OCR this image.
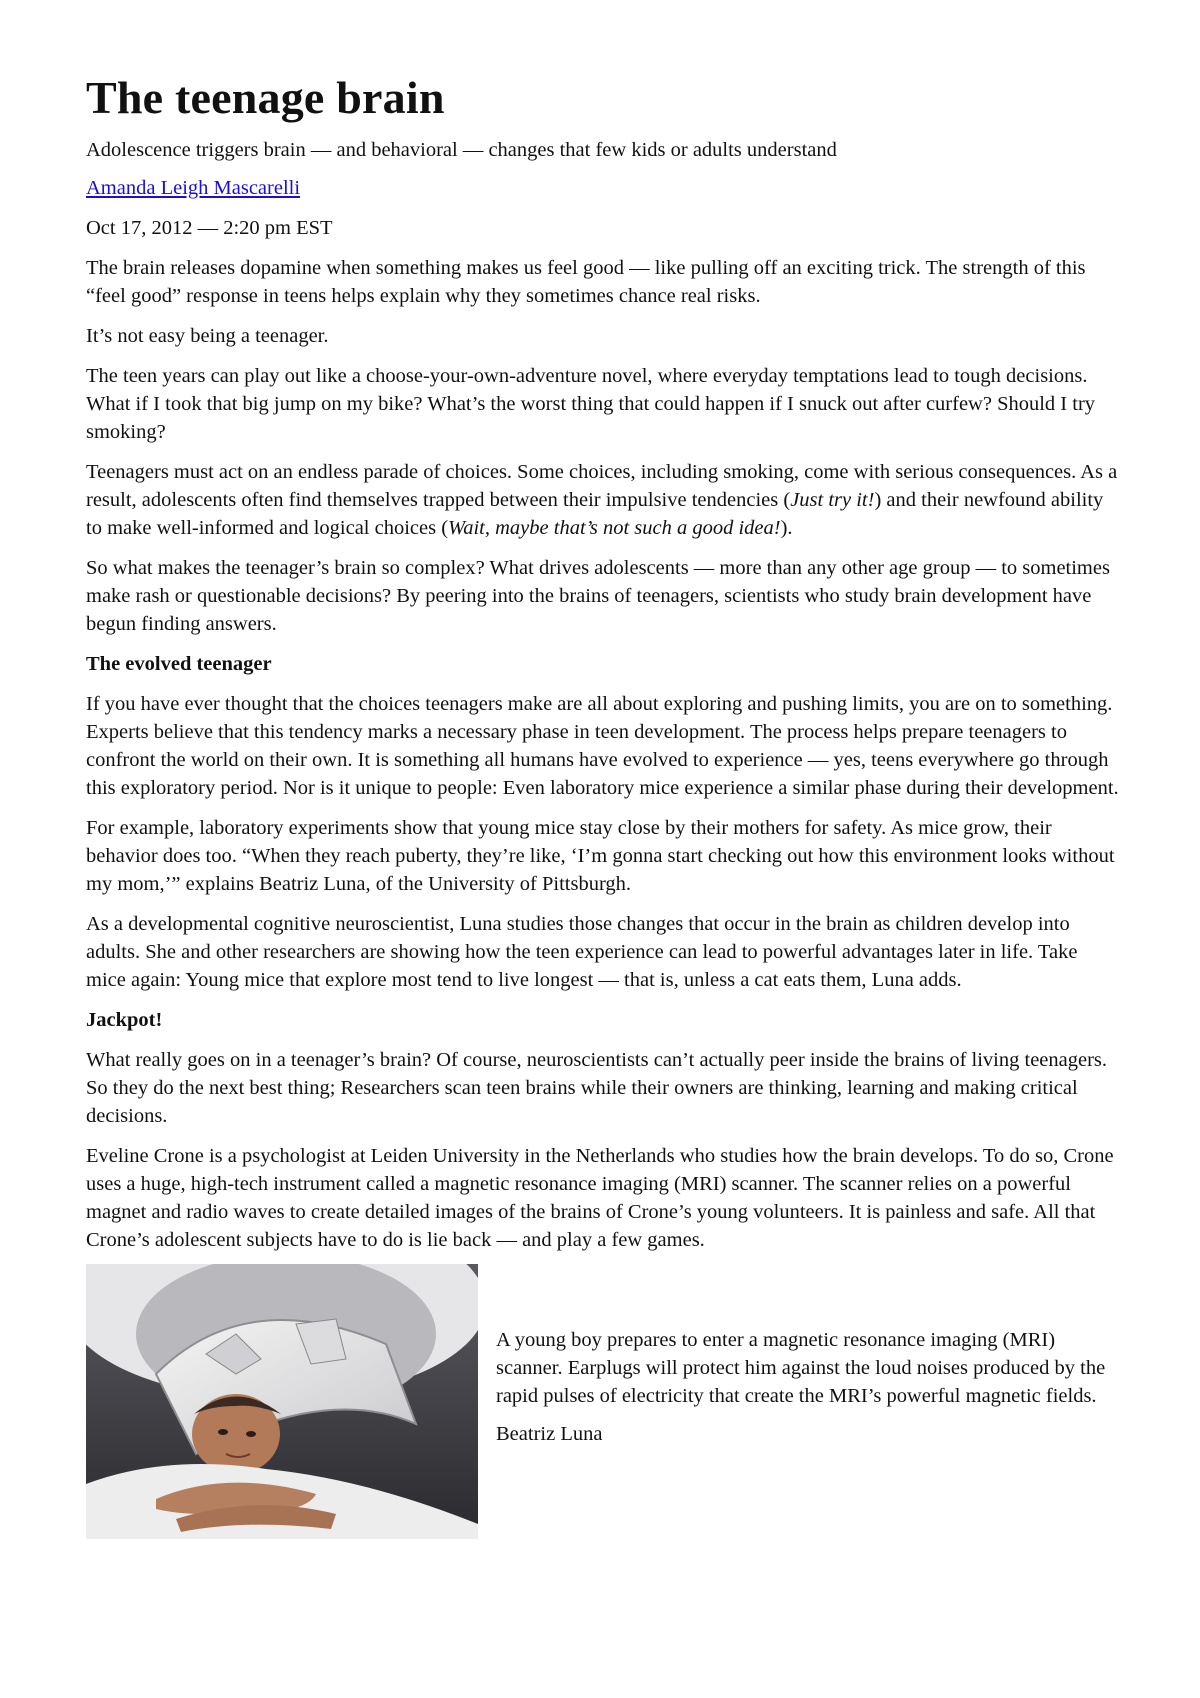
The teenage brain

Adolescence triggers brain — and behavioral — changes that few kids or adults understand

Amanda Leigh Mascarelli

Oct 17, 2012 — 2:20 pm EST

The brain releases dopamine when something makes us feel good — like pulling off an exciting trick. The strength of this “feel good” response in teens helps explain why they sometimes chance real risks.

It’s not easy being a teenager.

The teen years can play out like a choose-your-own-adventure novel, where everyday temptations lead to tough decisions. What if I took that big jump on my bike? What’s the worst thing that could happen if I snuck out after curfew? Should I try smoking?

Teenagers must act on an endless parade of choices. Some choices, including smoking, come with serious consequences. As a result, adolescents often find themselves trapped between their impulsive tendencies (Just try it!) and their newfound ability to make well-informed and logical choices (Wait, maybe that’s not such a good idea!).

So what makes the teenager’s brain so complex? What drives adolescents — more than any other age group — to sometimes make rash or questionable decisions? By peering into the brains of teenagers, scientists who study brain development have begun finding answers.

The evolved teenager

If you have ever thought that the choices teenagers make are all about exploring and pushing limits, you are on to something. Experts believe that this tendency marks a necessary phase in teen development. The process helps prepare teenagers to confront the world on their own. It is something all humans have evolved to experience — yes, teens everywhere go through this exploratory period. Nor is it unique to people: Even laboratory mice experience a similar phase during their development.

For example, laboratory experiments show that young mice stay close by their mothers for safety. As mice grow, their behavior does too. “When they reach puberty, they’re like, ‘I’m gonna start checking out how this environment looks without my mom,’” explains Beatriz Luna, of the University of Pittsburgh.

As a developmental cognitive neuroscientist, Luna studies those changes that occur in the brain as children develop into adults. She and other researchers are showing how the teen experience can lead to powerful advantages later in life. Take mice again: Young mice that explore most tend to live longest — that is, unless a cat eats them, Luna adds.

Jackpot!

What really goes on in a teenager’s brain? Of course, neuroscientists can’t actually peer inside the brains of living teenagers. So they do the next best thing; Researchers scan teen brains while their owners are thinking, learning and making critical decisions.

Eveline Crone is a psychologist at Leiden University in the Netherlands who studies how the brain develops. To do so, Crone uses a huge, high-tech instrument called a magnetic resonance imaging (MRI) scanner. The scanner relies on a powerful magnet and radio waves to create detailed images of the brains of Crone’s young volunteers. It is painless and safe. All that Crone’s adolescent subjects have to do is lie back — and play a few games.

A young boy prepares to enter a magnetic resonance imaging (MRI) scanner. Earplugs will protect him against the loud noises produced by the rapid pulses of electricity that create the MRI’s powerful magnetic fields.

Beatriz Luna
